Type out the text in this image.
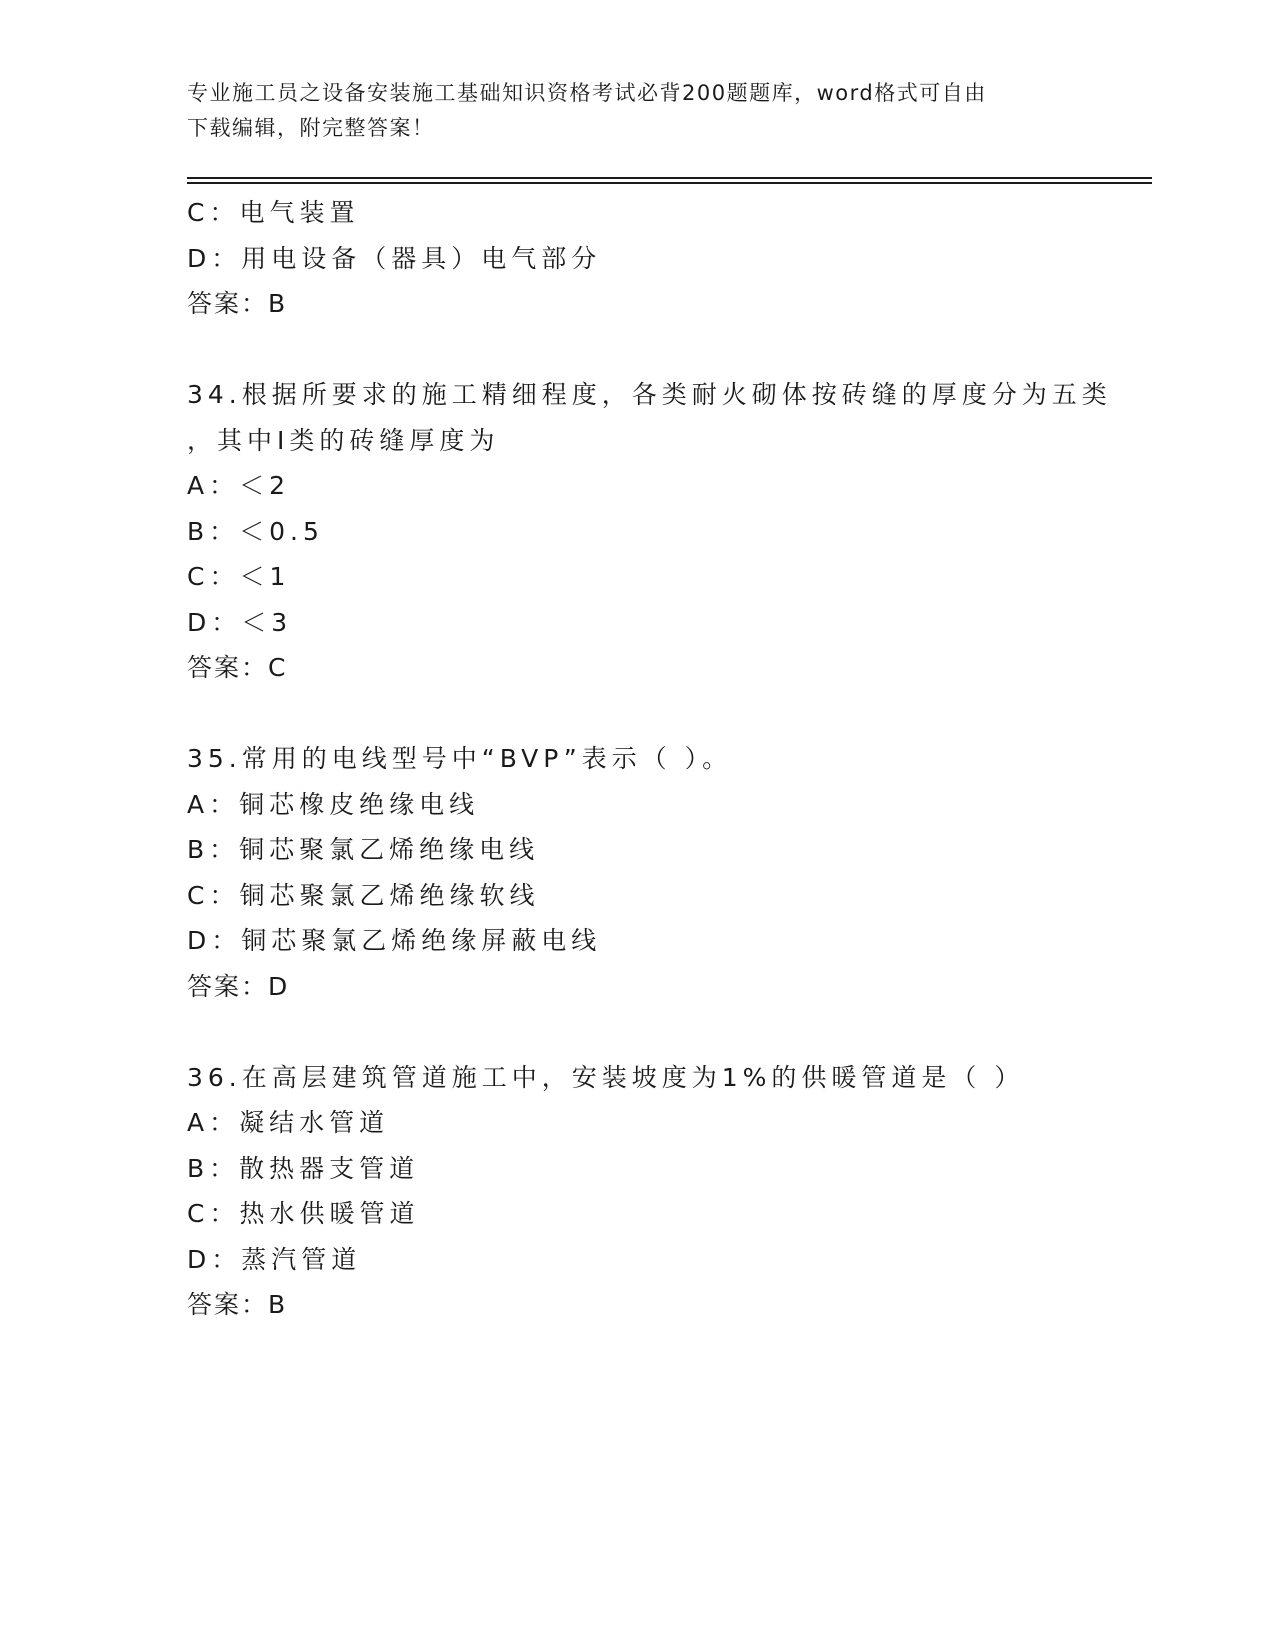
专业施工员之设备安装施工基础知识资格考试必背200题题库，word格式可自由
下载编辑，附完整答案！
C：电气装置
D：用电设备（器具）电气部分
答案：B
34.根据所要求的施工精细程度，各类耐火砌体按砖缝的厚度分为五类
，其中Ⅰ类的砖缝厚度为
A：＜2
B：＜0.5
C：＜1
D：＜3
答案：C
35.常用的电线型号中“BVP”表示（ ）。
A：铜芯橡皮绝缘电线
B：铜芯聚氯乙烯绝缘电线
C：铜芯聚氯乙烯绝缘软线
D：铜芯聚氯乙烯绝缘屏蔽电线
答案：D
36.在高层建筑管道施工中，安装坡度为1%的供暖管道是（ ）
A：凝结水管道
B：散热器支管道
C：热水供暖管道
D：蒸汽管道
答案：B
